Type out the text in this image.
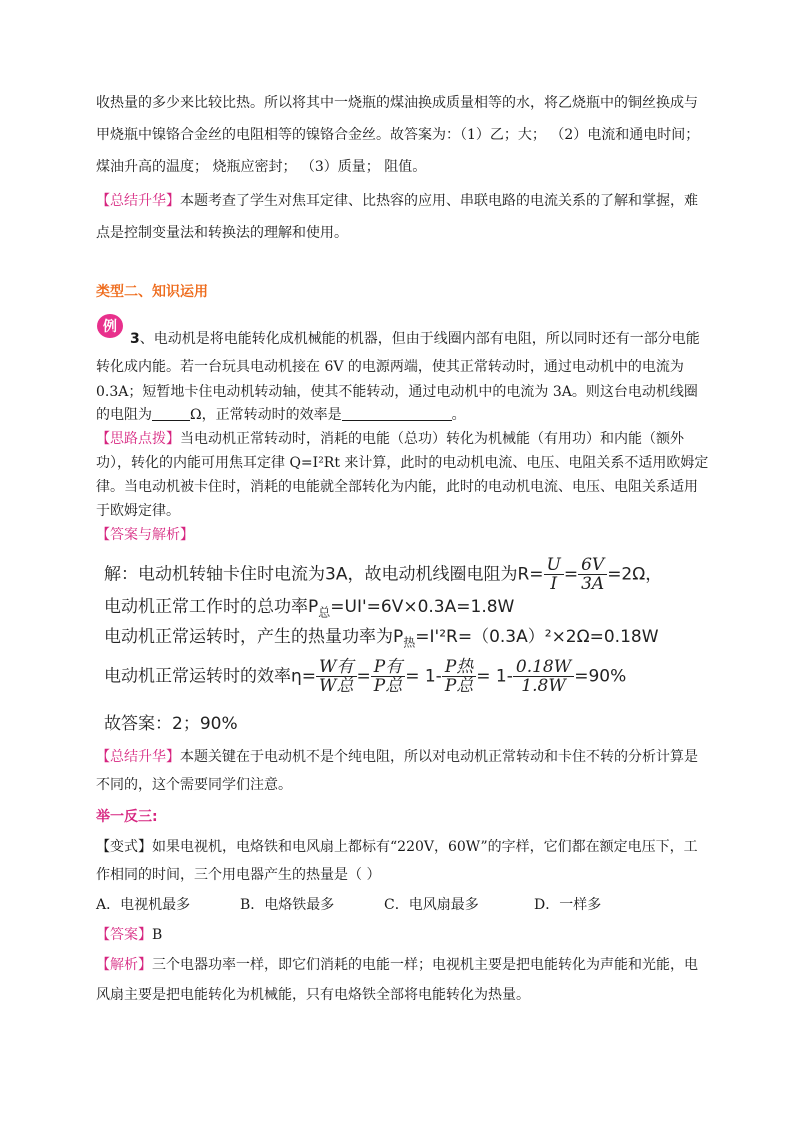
收热量的多少来比较比热。所以将其中一烧瓶的煤油换成质量相等的水，将乙烧瓶中的铜丝换成与
甲烧瓶中镍铬合金丝的电阻相等的镍铬合金丝。故答案为：（1）乙；大； （2）电流和通电时间；
煤油升高的温度； 烧瓶应密封； （3）质量； 阻值。
【总结升华】本题考查了学生对焦耳定律、比热容的应用、串联电路的电流关系的了解和掌握，难
点是控制变量法和转换法的理解和使用。
类型二、知识运用
例
3、电动机是将电能转化成机械能的机器，但由于线圈内部有电阻，所以同时还有一部分电能
转化成内能。若一台玩具电动机接在 6V 的电源两端，使其正常转动时，通过电动机中的电流为
0.3A；短暂地卡住电动机转动轴，使其不能转动，通过电动机中的电流为 3A。则这台电动机线圈
的电阻为	Ω，正常转动时的效率是	。
【思路点拨】当电动机正常转动时，消耗的电能（总功）转化为机械能（有用功）和内能（额外
功），转化的内能可用焦耳定律 Q=I²Rt 来计算，此时的电动机电流、电压、电阻关系不适用欧姆定
律。当电动机被卡住时，消耗的电能就全部转化为内能，此时的电动机电流、电压、电阻关系适用
于欧姆定律。
【答案与解析】
解：电动机转轴卡住时电流为3A，故电动机线圈电阻为$R= \frac{U}{I} = \frac{6V}{3A} =2\Omega$，
电动机正常工作时的总功率$P_总=UI'=6V\times 0.3A=1.8W$
电动机正常运转时，产生的热量功率为$P_热=I'^2R=(0.3A)^2\times 2\Omega=0.18W$
电动机正常运转时的效率$\eta= \frac{\text{W有}}{\text{W总}} = \frac{\text{P有}}{\text{P总}} = 1- \frac{\text{P热}}{\text{P总}} = 1- \frac{0.18W}{1.8W} =90\%$
故答案：2；90%
【总结升华】本题关键在于电动机不是个纯电阻，所以对电动机正常转动和卡住不转的分析计算是
不同的，这个需要同学们注意。
举一反三:
【变式】如果电视机，电烙铁和电风扇上都标有“220V，60W”的字样，它们都在额定电压下，工
作相同的时间，三个用电器产生的热量是（ ）
A．电视机最多	B．电烙铁最多	C．电风扇最多	D．一样多
【答案】B
【解析】三个电器功率一样，即它们消耗的电能一样；电视机主要是把电能转化为声能和光能，电
风扇主要是把电能转化为机械能，只有电烙铁全部将电能转化为热量。
